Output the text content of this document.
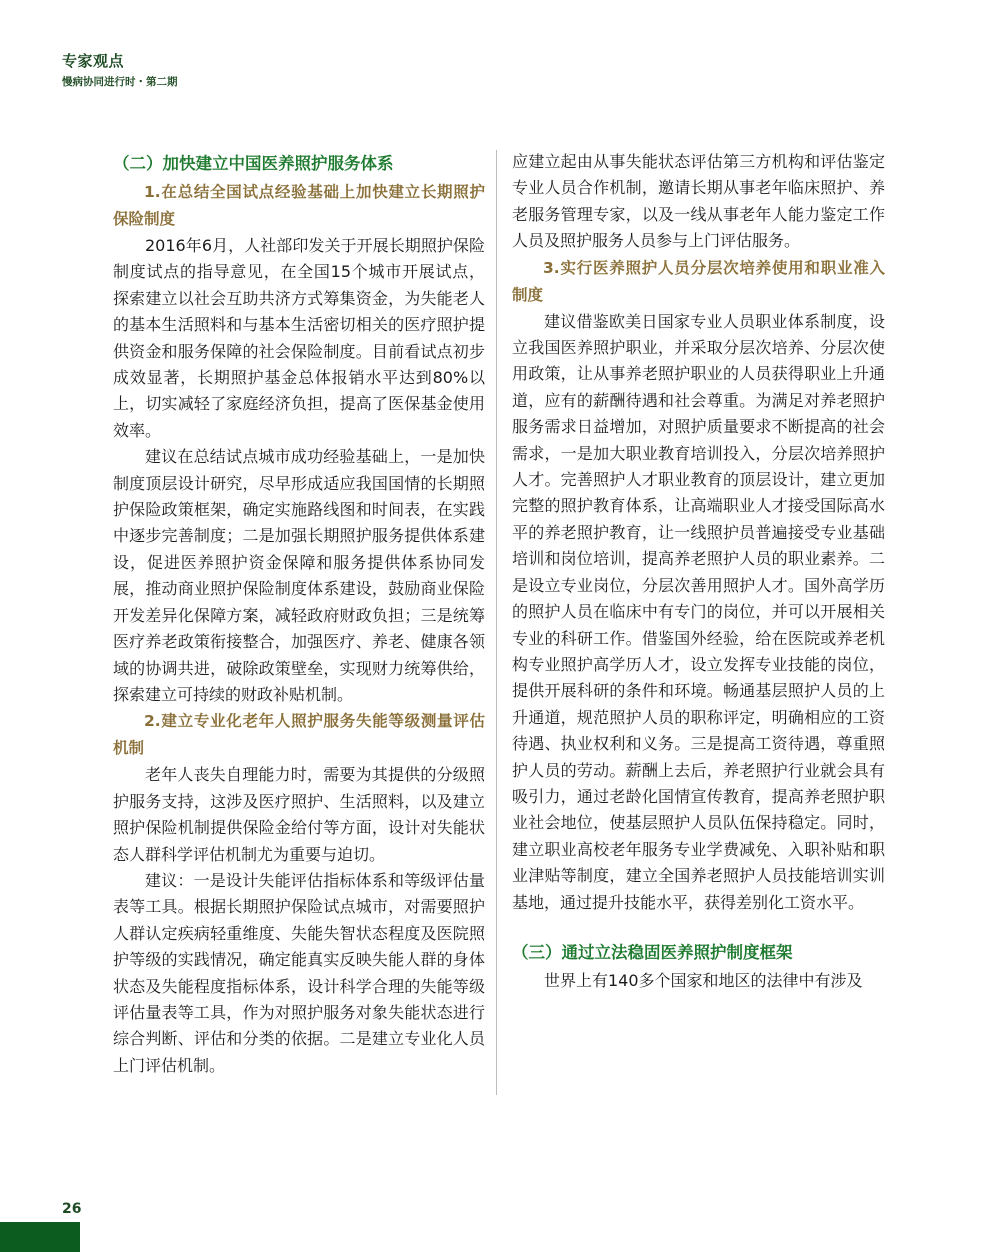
专家观点
慢病协同进行时・第二期

（二）加快建立中国医养照护服务体系

1.在总结全国试点经验基础上加快建立长期照护保险制度

2016年6月，人社部印发关于开展长期照护保险制度试点的指导意见，在全国15个城市开展试点，探索建立以社会互助共济方式筹集资金，为失能老人的基本生活照料和与基本生活密切相关的医疗照护提供资金和服务保障的社会保险制度。目前看试点初步成效显著，长期照护基金总体报销水平达到80%以上，切实减轻了家庭经济负担，提高了医保基金使用效率。

建议在总结试点城市成功经验基础上，一是加快制度顶层设计研究，尽早形成适应我国国情的长期照护保险政策框架，确定实施路线图和时间表，在实践中逐步完善制度；二是加强长期照护服务提供体系建设，促进医养照护资金保障和服务提供体系协同发展，推动商业照护保险制度体系建设，鼓励商业保险开发差异化保障方案，减轻政府财政负担；三是统筹医疗养老政策衔接整合，加强医疗、养老、健康各领域的协调共进，破除政策壁垒，实现财力统筹供给，探索建立可持续的财政补贴机制。

2.建立专业化老年人照护服务失能等级测量评估机制

老年人丧失自理能力时，需要为其提供的分级照护服务支持，这涉及医疗照护、生活照料，以及建立照护保险机制提供保险金给付等方面，设计对失能状态人群科学评估机制尤为重要与迫切。

建议：一是设计失能评估指标体系和等级评估量表等工具。根据长期照护保险试点城市，对需要照护人群认定疾病轻重维度、失能失智状态程度及医院照护等级的实践情况，确定能真实反映失能人群的身体状态及失能程度指标体系，设计科学合理的失能等级评估量表等工具，作为对照护服务对象失能状态进行综合判断、评估和分类的依据。二是建立专业化人员上门评估机制。

应建立起由从事失能状态评估第三方机构和评估鉴定专业人员合作机制，邀请长期从事老年临床照护、养老服务管理专家，以及一线从事老年人能力鉴定工作人员及照护服务人员参与上门评估服务。

3.实行医养照护人员分层次培养使用和职业准入制度

建议借鉴欧美日国家专业人员职业体系制度，设立我国医养照护职业，并采取分层次培养、分层次使用政策，让从事养老照护职业的人员获得职业上升通道，应有的薪酬待遇和社会尊重。为满足对养老照护服务需求日益增加，对照护质量要求不断提高的社会需求，一是加大职业教育培训投入，分层次培养照护人才。完善照护人才职业教育的顶层设计，建立更加完整的照护教育体系，让高端职业人才接受国际高水平的养老照护教育，让一线照护员普遍接受专业基础培训和岗位培训，提高养老照护人员的职业素养。二是设立专业岗位，分层次善用照护人才。国外高学历的照护人员在临床中有专门的岗位，并可以开展相关专业的科研工作。借鉴国外经验，给在医院或养老机构专业照护高学历人才，设立发挥专业技能的岗位，提供开展科研的条件和环境。畅通基层照护人员的上升通道，规范照护人员的职称评定，明确相应的工资待遇、执业权利和义务。三是提高工资待遇，尊重照护人员的劳动。薪酬上去后，养老照护行业就会具有吸引力，通过老龄化国情宣传教育，提高养老照护职业社会地位，使基层照护人员队伍保持稳定。同时，建立职业高校老年服务专业学费减免、入职补贴和职业津贴等制度，建立全国养老照护人员技能培训实训基地，通过提升技能水平，获得差别化工资水平。

（三）通过立法稳固医养照护制度框架

世界上有140多个国家和地区的法律中有涉及

26
